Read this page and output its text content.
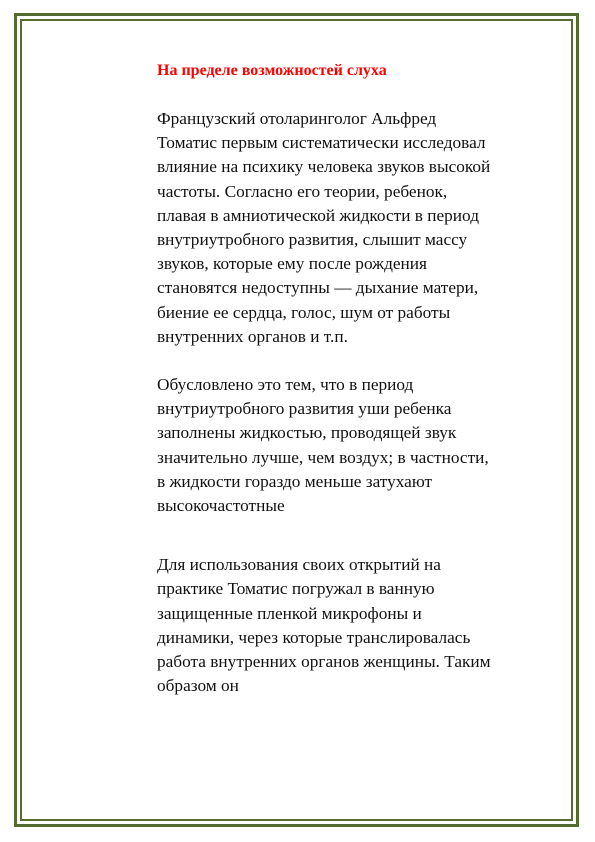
На пределе возможностей слуха

Французский отоларинголог Альфред Томатис первым систематически исследовал влияние на психику человека звуков высокой частоты. Согласно его теории, ребенок, плавая в амниотической жидкости в период внутриутробного развития, слышит массу звуков, которые ему после рождения становятся недоступны — дыхание матери, биение ее сердца, голос, шум от работы внутренних органов и т.п.

Обусловлено это тем, что в период внутриутробного развития уши ребенка заполнены жидкостью, проводящей звук значительно лучше, чем воздух; в частности, в жидкости гораздо меньше затухают высокочастотные

Для использования своих открытий на практике Томатис погружал в ванную защищенные пленкой микрофоны и динамики, через которые транслировалась работа внутренних органов женщины. Таким образом он
